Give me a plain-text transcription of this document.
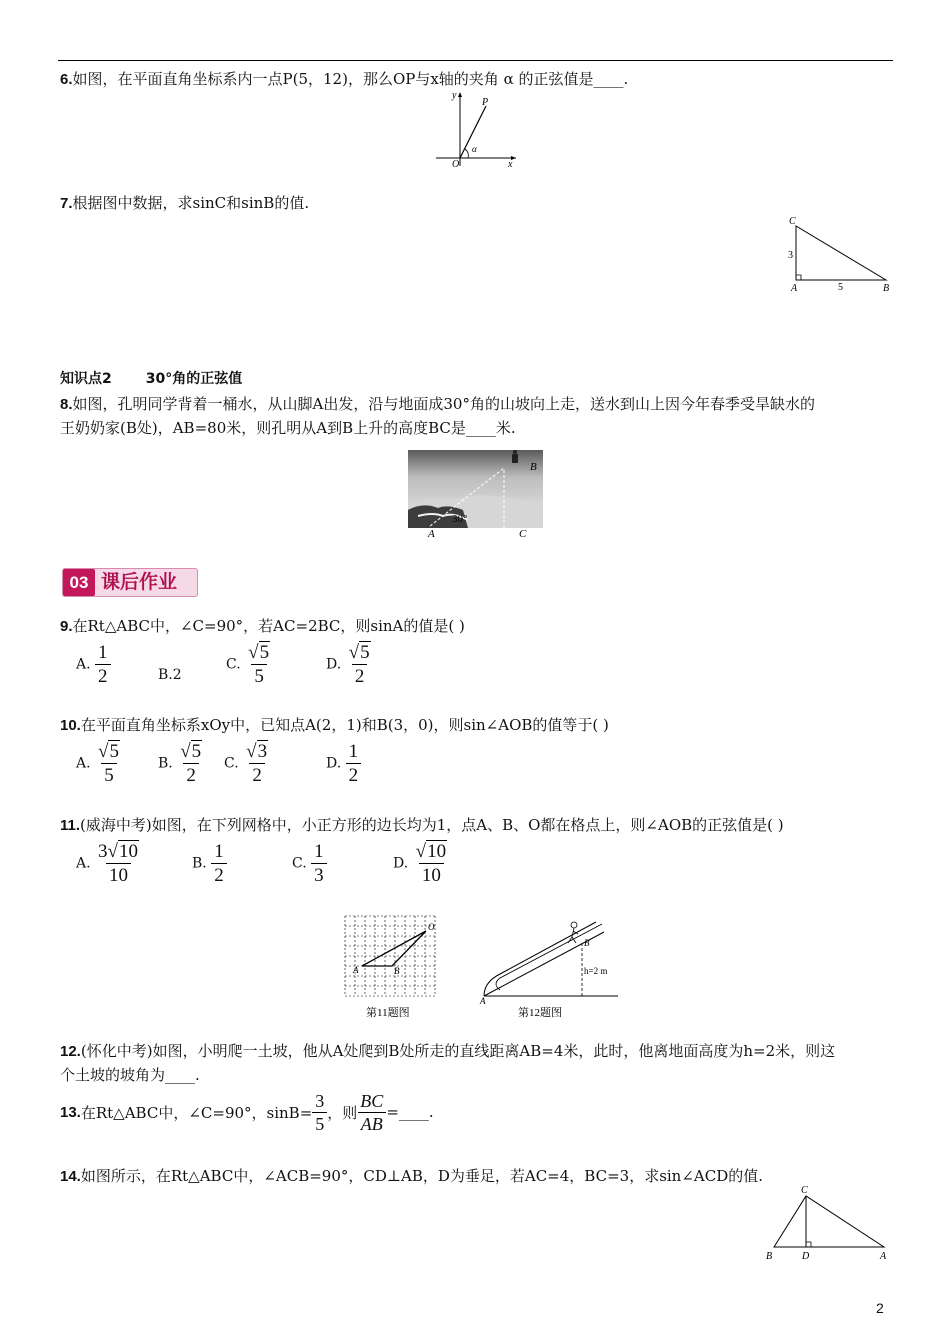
6.如图，在平面直角坐标系内一点P(5，12)，那么OP与x轴的夹角 α 的正弦值是____.
y
x
O
P
α
7.根据图中数据，求sinC和sinB的值.
C
A	B
3
5
知识点2 30°角的正弦值
8.如图，孔明同学背着一桶水，从山脚A出发，沿与地面成30°角的山坡向上走，送水到山上因今年春季受旱缺水的
王奶奶家(B处)，AB=80米，则孔明从A到B上升的高度BC是____米.
30°
B
A	C
03 课后作业
9.在Rt△ABC中，∠C=90°，若AC=2BC，则sinA的值是( )
A. $\frac{1}{2}$	B.2
C. $\frac{√5}{5}$	D. $\frac{√5}{2}$
10.在平面直角坐标系xOy中，已知点A(2，1)和B(3，0)，则sin∠AOB的值等于( )
A. $\frac{√5}{5}$	B. $\frac{√5}{2} C$. $\frac{√3}{2}$	D. $\frac{1}{2}$
11.(威海中考)如图，在下列网格中，小正方形的边长均为1，点A、B、O都在格点上，则∠AOB的正弦值是( )
A. $\frac{3√10}{10}$	B. $\frac{1}{2}$	C. $\frac{1}{3}$	D. $\frac{√10}{10}$
O
A	B
第11题图
B
A
h=2 m
第12题图
12.(怀化中考)如图，小明爬一土坡，他从A处爬到B处所走的直线距离AB=4米，此时，他离地面高度为h=2米，则这
个土坡的坡角为____.
13. 在Rt△ABC中，∠C=90°，$\sin B= \frac{3}{5}$ ，则 $\frac{BC}{AB}$ =____.
14.如图所示，在Rt△ABC中，∠ACB=90°，CD⊥AB，D为垂足，若AC=4，BC=3，求sin∠ACD的值.
C
B	D	A
2
